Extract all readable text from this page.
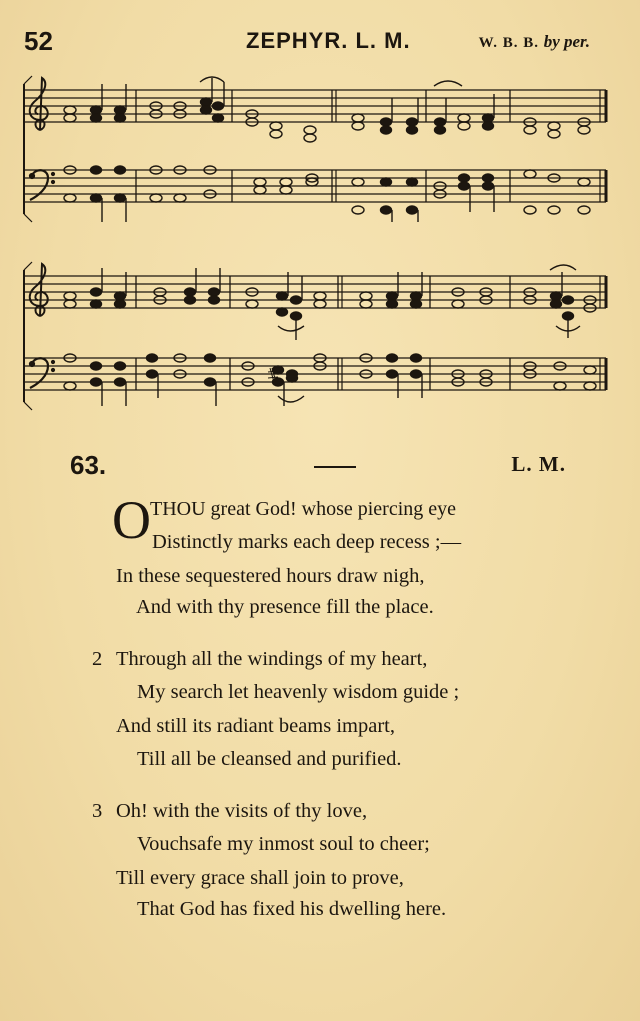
52	ZEPHYR. L. M.	W. B. B. by per.
63.	L. M.
O THOU great God! whose piercing eye
Distinctly marks each deep recess ;—
In these sequestered hours draw nigh,
And with thy presence fill the place.
2 Through all the windings of my heart,
My search let heavenly wisdom guide ;
And still its radiant beams impart,
Till all be cleansed and purified.
3 Oh! with the visits of thy love,
Vouchsafe my inmost soul to cheer;
Till every grace shall join to prove,
That God has fixed his dwelling here.
